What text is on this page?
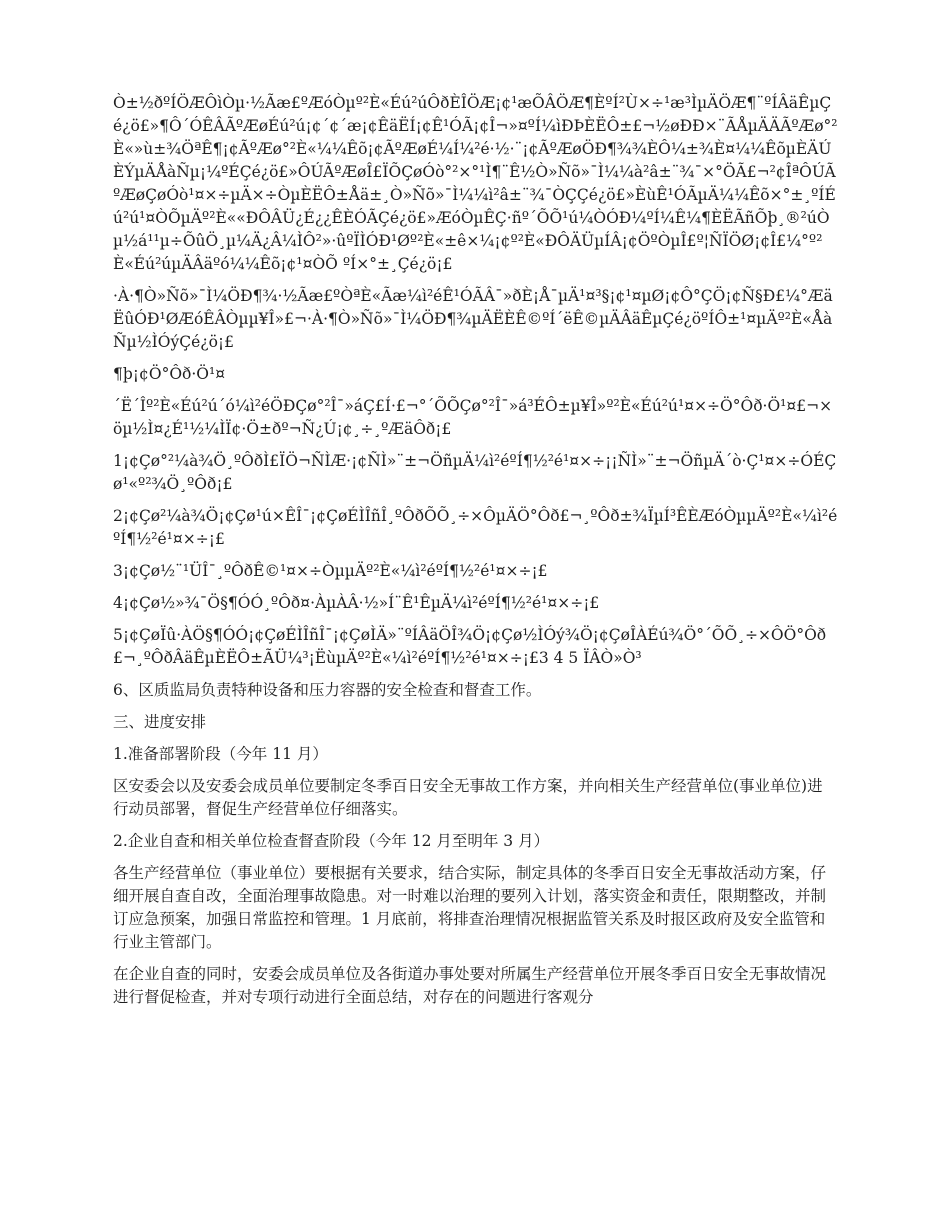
Ò±½ðºÍÖÆÔìÒµ·½Ãæ£ºÆóÒµº²È«Éú²úÔðÈÎÖÆ¡¢¹æÕÂÖÆ¶ÈºÍ²Ù×÷¹æ³ÌµÄÖÆ¶¨ºÍÂäÊµÇé¿ö£»¶Ô´ÓÊÂÃºÆøÉú²ú¡¢´¢´æ¡¢ÊäËÍ¡¢Ê¹ÓÃ¡¢Î¬»¤ºÍ¼ìÐÞÈËÔ±£¬½øÐÐ×¨ÃÅµÄÄÃºÆø°²È«»ù±¾ÖªÊ¶¡¢ÃºÆø°²È«¼¼Êõ¡¢ÃºÆøÉ¼Í¼²é·½·¨¡¢ÃºÆøÖÐ¶¾¾ÈÔ¼±¾È¤¼¼ÊõµÈÄÚÈÝµÄÅàÑµ¡¼ºÉÇé¿ö£»ÔÚÃºÆøÎ£ÏÕÇøÓò°²×°¹Ì¶¨Ê½Ò»Ñõ»¯Ì¼¼à²â±¨¾¯×°ÖÃ£¬²¢ÎªÔÚÃºÆøÇøÓò¹¤×÷µÄ×÷ÒµÈËÔ±Åä±¸Ò»Ñõ»¯Ì¼¼ì²â±¨¾¯ÒÇÇé¿ö£»ÈùÊ¹ÓÃµÄ¼¼Êõ×°±¸ºÍÉú²ú¹¤ÒÕµÄº²È««ÐÔÂÜ¿É¿¿ÊÈÓÃÇé¿ö£»ÆóÒµÊÇ·ñº´ÕÕ¹ú¼ÒÓÐ¼ºÍ¼Ê¼¶ÈËÃñÕþ¸®²úÒµ½á¹¹µ÷ÕûÖ¸µ¼Ä¿Â¼ÌÔ²»·ûºÏÌÓÐ¹Øº²È«±ê×¼¡¢º²È«ÐÔÄÜµÍÂ¡¢ÖºÒµÎ£º¦ÑÏÖØ¡¢Î£¼°º²È«Éú²úµÄÂäºó¼¼Êõ¡¢¹¤ÒÕ ºÍ×°±¸Çé¿ö¡£

·À·¶Ò»Ñõ»¯Ì¼ÖÐ¶¾·½Ãæ£ºÒªÈ«Ãæ¼ì²éÊ¹ÓÃÂ¯»ðÈ¡Å¯µÄ¹¤³§¡¢¹¤µØ¡¢Ô°ÇÖ¡¢Ñ§Ð£¼°ÆäËûÓÐ¹ØÆóÊÂÒµµ¥Î»£¬·À·¶Ò»Ñõ»¯Ì¼ÖÐ¶¾µÄËÈÊ©ºÍ´ëÊ©µÄÂäÊµÇé¿öºÍÔ±¹¤µÄº²È«ÅàÑµ½ÌÓýÇé¿ö¡£

¶þ¡¢Ö°Ôð·Ö¹¤

´Ë´Îº²È«Éú²ú´ó¼ì²éÖÐÇø°²Î¯»áÇ£Í·£¬°´ÕÕÇø°²Î¯»á³ÉÔ±µ¥Î»º²È«Éú²ú¹¤×÷Ö°Ôð·Ö¹¤£¬×öµ½Ì¤¿É¹½¼ÌÏ¢·Ö±ðº¬Ñ¿Ú¡¢¸÷¸ºÆäÔð¡£

1¡¢Çø°²¼à¾Ö¸ºÔðÌ£ÏÖ¬ÑÌÆ·¡¢ÑÌ»¨±¬ÖñµÄ¼ì²éºÍ¶½²é¹¤×÷¡¡ÑÌ»¨±¬ÖñµÄ´ò·Ç¹¤×÷ÓÉÇø¹«º²¾Ö¸ºÔð¡£

2¡¢Çø²¼à¾Ö¡¢Çø¹ú×ÊÎ¯¡¢ÇøÉÌÎñÎ¸ºÔðÕÕ¸÷×ÔµÄÖ°Ôð£¬¸ºÔð±¾ÏµÍ³ÊÈÆóÒµµÄº²È«¼ì²éºÍ¶½²é¹¤×÷¡£

3¡¢Çø½¨¹ÜÎ¯¸ºÔðÊ©¹¤×÷ÒµµÄº²È«¼ì²éºÍ¶½²é¹¤×÷¡£

4¡¢Çø½»¾¯Ö§¶ÓÓ¸ºÔð¤·ÀµÀÂ·½»Í¨Ê¹ÊµÄ¼ì²éºÍ¶½²é¹¤×÷¡£

5¡¢ÇøÏû·ÀÖ§¶ÓÓ¡¢ÇøÉÌÎñÎ¯¡¢ÇøÌÄ»¨ºÍÂäÖÎ¾Ö¡¢Çø½ÌÓý¾Ö¡¢ÇøÎÀÉú¾Ö°´ÕÕ¸÷×ÔÖ°Ôð£¬¸ºÔðÂäÊµÈËÔ±ÃÜ¼³¡ËùµÄº²È«¼ì²éºÍ¶½²é¹¤×÷¡£3 4 5 ÏÂÒ»Ò³

6、区质监局负责特种设备和压力容器的安全检查和督查工作。

三、进度安排

1.准备部署阶段（今年 11 月）

区安委会以及安委会成员单位要制定冬季百日安全无事故工作方案，并向相关生产经营单位(事业单位)进行动员部署，督促生产经营单位仔细落实。

2.企业自查和相关单位检查督查阶段（今年 12 月至明年 3 月）

各生产经营单位（事业单位）要根据有关要求，结合实际，制定具体的冬季百日安全无事故活动方案，仔细开展自查自改，全面治理事故隐患。对一时难以治理的要列入计划，落实资金和责任，限期整改，并制订应急预案，加强日常监控和管理。1 月底前，将排查治理情况根据监管关系及时报区政府及安全监管和行业主管部门。

在企业自查的同时，安委会成员单位及各街道办事处要对所属生产经营单位开展冬季百日安全无事故情况进行督促检查，并对专项行动进行全面总结，对存在的问题进行客观分
